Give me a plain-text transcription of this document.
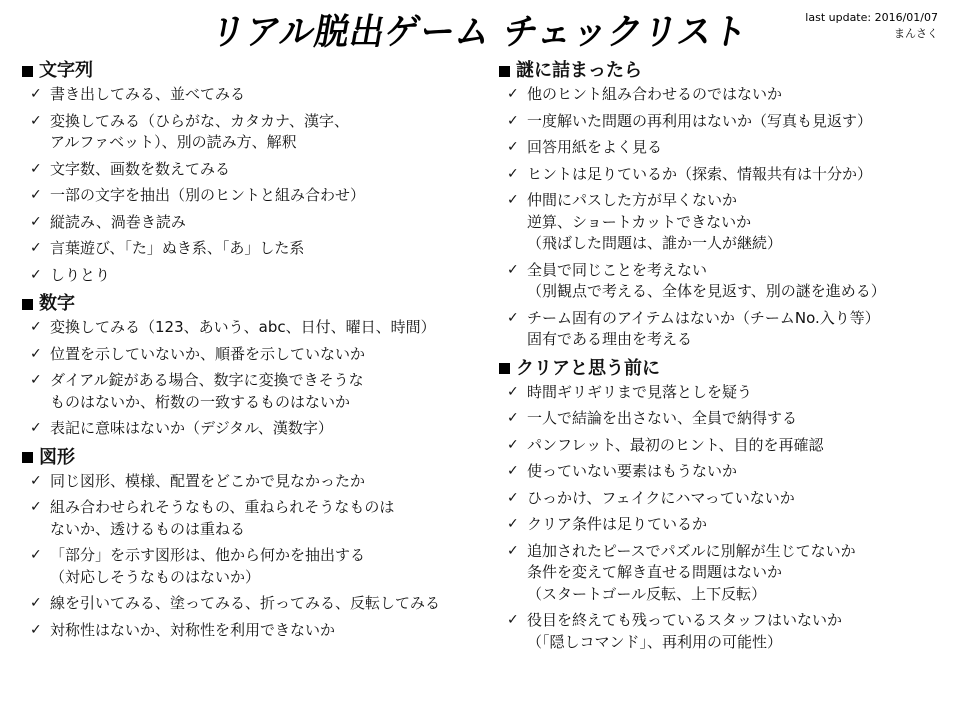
リアル脱出ゲーム チェックリスト	last update: 2016/01/07
まんさく
文字列
✓ 書き出してみる、並べてみる
✓ 変換してみる（ひらがな、カタカナ、漢字、
アルファベット）、別の読み方、解釈
✓ 文字数、画数を数えてみる
✓ 一部の文字を抽出（別のヒントと組み合わせ）
✓ 縦読み、渦巻き読み
✓ 言葉遊び、「た」ぬき系、「あ」した系
✓ しりとり
数字
✓ 変換してみる（123、あいう、abc、日付、曜日、時間）
✓ 位置を示していないか、順番を示していないか
✓ ダイアル錠がある場合、数字に変換できそうな
ものはないか、桁数の一致するものはないか
✓ 表記に意味はないか（デジタル、漢数字）
図形
✓ 同じ図形、模様、配置をどこかで見なかったか
✓ 組み合わせられそうなもの、重ねられそうなものは
ないか、透けるものは重ねる
✓ 「部分」を示す図形は、他から何かを抽出する
（対応しそうなものはないか）
✓ 線を引いてみる、塗ってみる、折ってみる、反転してみる
✓ 対称性はないか、対称性を利用できないか
謎に詰まったら
✓ 他のヒント組み合わせるのではないか
✓ 一度解いた問題の再利用はないか（写真も見返す）
✓ 回答用紙をよく見る
✓ ヒントは足りているか（探索、情報共有は十分か）
✓ 仲間にパスした方が早くないか
逆算、ショートカットできないか
（飛ばした問題は、誰か一人が継続）
✓ 全員で同じことを考えない
（別観点で考える、全体を見返す、別の謎を進める）
✓ チーム固有のアイテムはないか（チームNo.入り等）
固有である理由を考える
クリアと思う前に
✓ 時間ギリギリまで見落としを疑う
✓ 一人で結論を出さない、全員で納得する
✓ パンフレット、最初のヒント、目的を再確認
✓ 使っていない要素はもうないか
✓ ひっかけ、フェイクにハマっていないか
✓ クリア条件は足りているか
✓ 追加されたピースでパズルに別解が生じてないか
条件を変えて解き直せる問題はないか
（スタートゴール反転、上下反転）
✓ 役目を終えても残っているスタッフはいないか
（「隠しコマンド」、再利用の可能性）
